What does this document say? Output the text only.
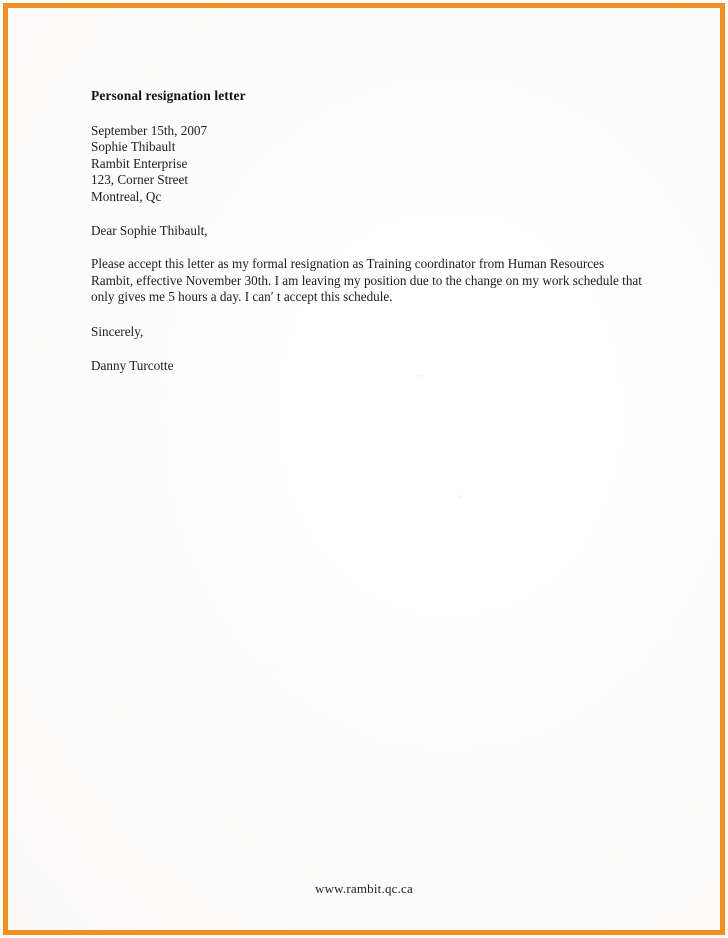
Personal resignation letter
September 15th, 2007
Sophie Thibault
Rambit Enterprise
123, Corner Street
Montreal, Qc

Dear Sophie Thibault,

Please accept this letter as my formal resignation as Training coordinator from Human Resources Rambit, effective November 30th. I am leaving my position due to the change on my work schedule that only gives me 5 hours a day. I can′ t accept this schedule.

Sincerely,

Danny Turcotte

www.rambit.qc.ca
...........
